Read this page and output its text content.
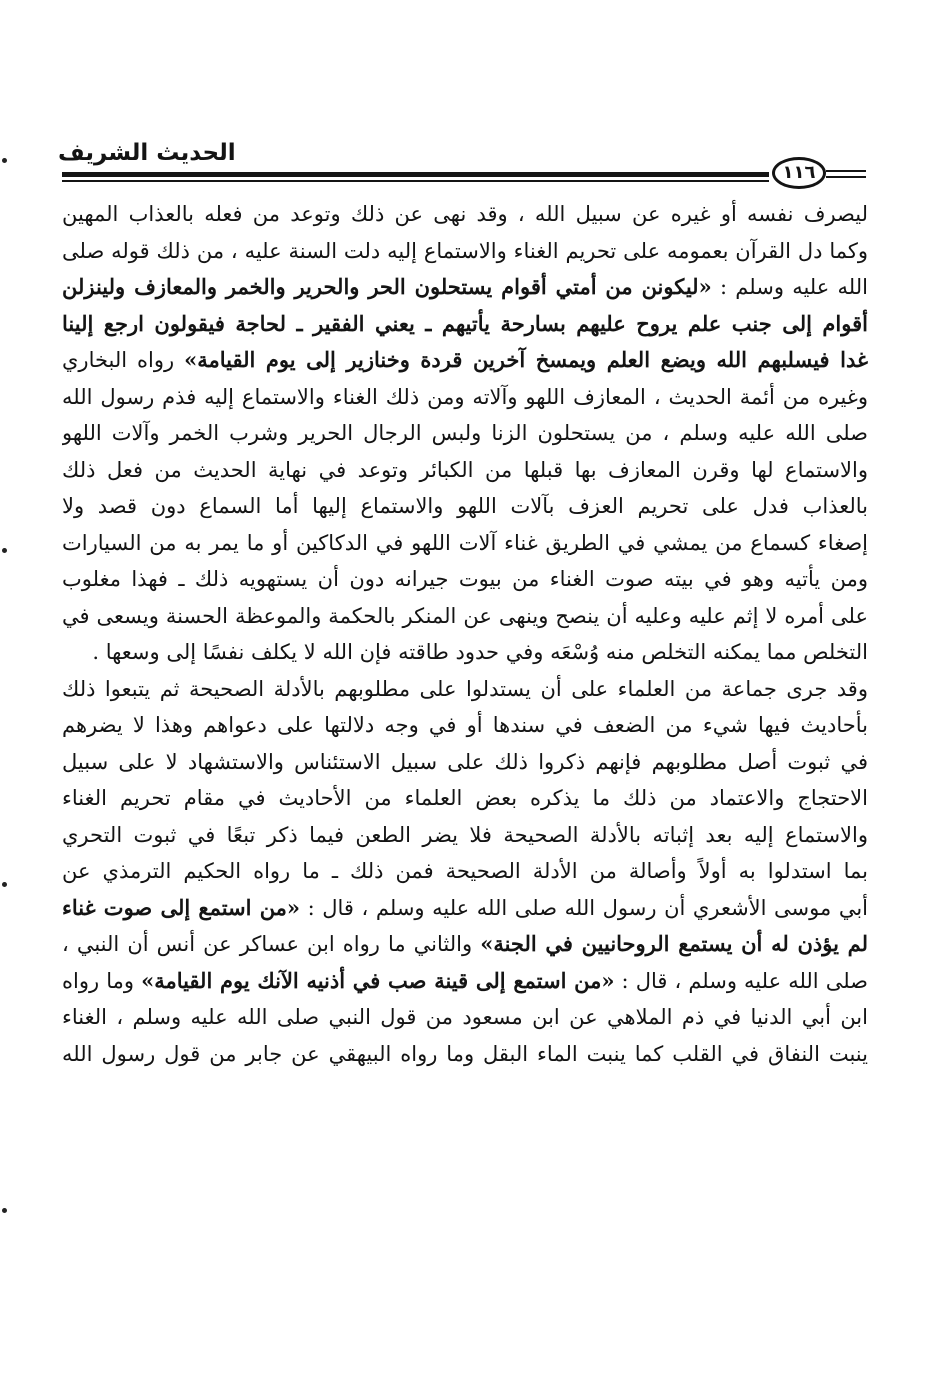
الحديث الشريف
١١٦
ليصرف نفسه أو غيره عن سبيل الله ، وقد نهى عن ذلك وتوعد من فعله بالعذاب المهين
وكما دل القرآن بعمومه على تحريم الغناء والاستماع إليه دلت السنة عليه ، من ذلك قوله صلى
الله عليه وسلم : «ليكونن من أمتي أقوام يستحلون الحر والحرير والخمر والمعازف ولينزلن
أقوام إلى جنب علم يروح عليهم بسارحة يأتيهم ـ يعني الفقير ـ لحاجة فيقولون ارجع إلينا
غدا فيسلبهم الله ويضع العلم ويمسخ آخرين قردة وخنازير إلى يوم القيامة» رواه البخاري
وغيره من أئمة الحديث ، المعازف اللهو وآلاته ومن ذلك الغناء والاستماع إليه فذم رسول الله
صلى الله عليه وسلم ، من يستحلون الزنا ولبس الرجال الحرير وشرب الخمر وآلات اللهو
والاستماع لها وقرن المعازف بها قبلها من الكبائر وتوعد في نهاية الحديث من فعل ذلك
بالعذاب فدل على تحريم العزف بآلات اللهو والاستماع إليها أما السماع دون قصد ولا
إصغاء كسماع من يمشي في الطريق غناء آلات اللهو في الدكاكين أو ما يمر به من السيارات
ومن يأتيه وهو في بيته صوت الغناء من بيوت جيرانه دون أن يستهويه ذلك ـ فهذا مغلوب
على أمره لا إثم عليه وعليه أن ينصح وينهى عن المنكر بالحكمة والموعظة الحسنة ويسعى في
التخلص مما يمكنه التخلص منه وُسْعَه وفي حدود طاقته فإن الله لا يكلف نفسًا إلى وسعها .
وقد جرى جماعة من العلماء على أن يستدلوا على مطلوبهم بالأدلة الصحيحة ثم يتبعوا ذلك
بأحاديث فيها شيء من الضعف في سندها أو في وجه دلالتها على دعواهم وهذا لا يضرهم
في ثبوت أصل مطلوبهم فإنهم ذكروا ذلك على سبيل الاستئناس والاستشهاد لا على سبيل
الاحتجاج والاعتماد من ذلك ما يذكره بعض العلماء من الأحاديث في مقام تحريم الغناء
والاستماع إليه بعد إثباته بالأدلة الصحيحة فلا يضر الطعن فيما ذكر تبعًا في ثبوت التحري
بما استدلوا به أولاً وأصالة من الأدلة الصحيحة فمن ذلك ـ ما رواه الحكيم الترمذي عن
أبي موسى الأشعري أن رسول الله صلى الله عليه وسلم ، قال : «من استمع إلى صوت غناء
لم يؤذن له أن يستمع الروحانيين في الجنة» والثاني ما رواه ابن عساكر عن أنس أن النبي ،
صلى الله عليه وسلم ، قال : «من استمع إلى قينة صب في أذنيه الآنك يوم القيامة» وما رواه
ابن أبي الدنيا في ذم الملاهي عن ابن مسعود من قول النبي صلى الله عليه وسلم ، الغناء
ينبت النفاق في القلب كما ينبت الماء البقل وما رواه البيهقي عن جابر من قول رسول الله
